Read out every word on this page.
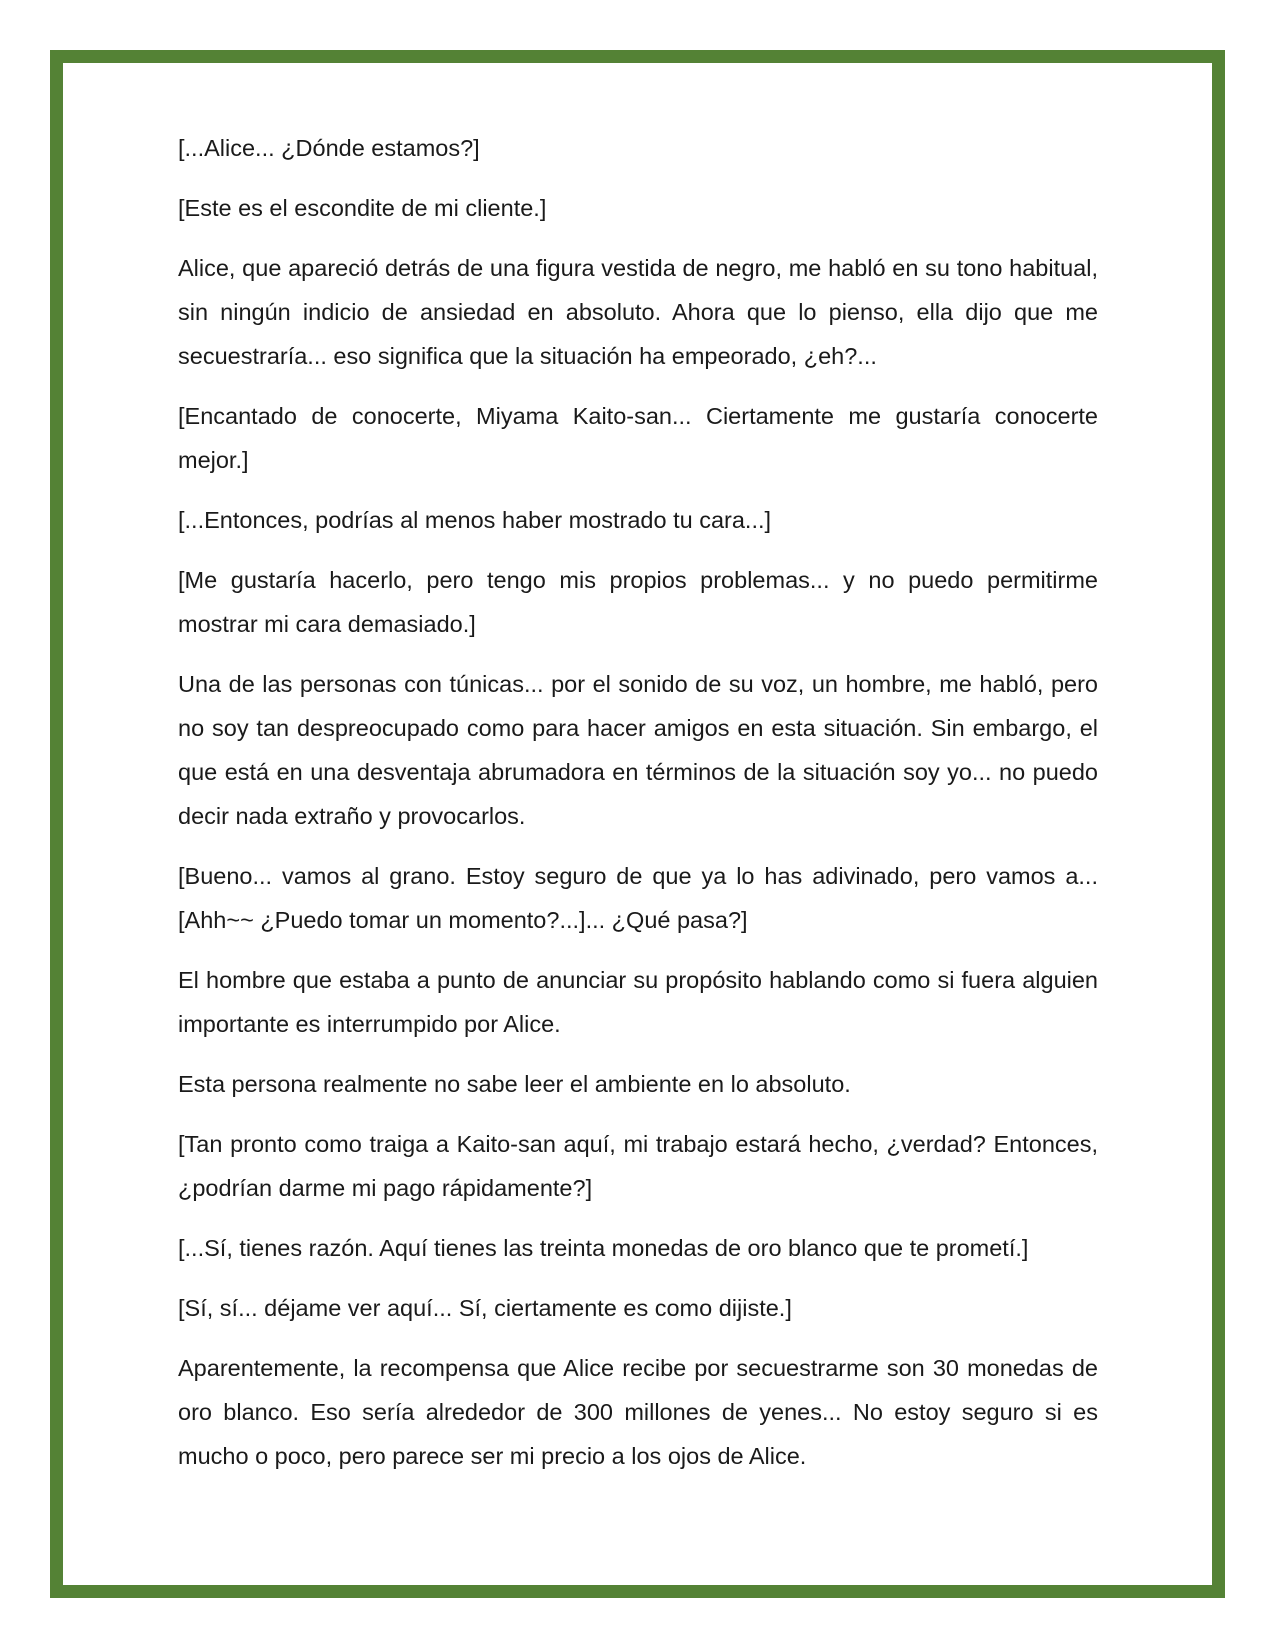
[...Alice... ¿Dónde estamos?]

[Este es el escondite de mi cliente.]

Alice, que apareció detrás de una figura vestida de negro, me habló en su tono habitual, sin ningún indicio de ansiedad en absoluto. Ahora que lo pienso, ella dijo que me secuestraría... eso significa que la situación ha empeorado, ¿eh?...

[Encantado de conocerte, Miyama Kaito-san... Ciertamente me gustaría conocerte mejor.]

[...Entonces, podrías al menos haber mostrado tu cara...]

[Me gustaría hacerlo, pero tengo mis propios problemas... y no puedo permitirme mostrar mi cara demasiado.]

Una de las personas con túnicas... por el sonido de su voz, un hombre, me habló, pero no soy tan despreocupado como para hacer amigos en esta situación. Sin embargo, el que está en una desventaja abrumadora en términos de la situación soy yo... no puedo decir nada extraño y provocarlos.

[Bueno... vamos al grano. Estoy seguro de que ya lo has adivinado, pero vamos a... [Ahh~~ ¿Puedo tomar un momento?...]... ¿Qué pasa?]

El hombre que estaba a punto de anunciar su propósito hablando como si fuera alguien importante es interrumpido por Alice.

Esta persona realmente no sabe leer el ambiente en lo absoluto.

[Tan pronto como traiga a Kaito-san aquí, mi trabajo estará hecho, ¿verdad? Entonces, ¿podrían darme mi pago rápidamente?]

[...Sí, tienes razón. Aquí tienes las treinta monedas de oro blanco que te prometí.]

[Sí, sí... déjame ver aquí... Sí, ciertamente es como dijiste.]

Aparentemente, la recompensa que Alice recibe por secuestrarme son 30 monedas de oro blanco. Eso sería alrededor de 300 millones de yenes... No estoy seguro si es mucho o poco, pero parece ser mi precio a los ojos de Alice.
